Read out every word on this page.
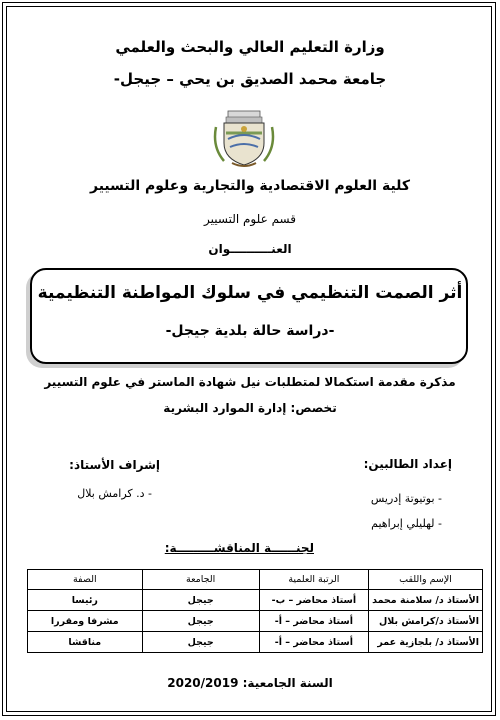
وزارة التعليم العالي والبحث والعلمي
جامعة محمد الصديق بن يحي – جيجل-
كلية العلوم الاقتصادية والتجارية وعلوم التسيير
قسم علوم التسيير
العنــــــــــوان
أثر الصمت التنظيمي في سلوك المواطنة التنظيمية
-دراسة حالة بلدية جيجل-
مذكرة مقدمة استكمالا لمتطلبات نيل شهادة الماستر في علوم التسيير
تخصص: إدارة الموارد البشرية
إعداد الطالبين:
- بوتيوتة إدريس
- لهليلي إبراهيم
إشراف الأستاذ:
- د. كرامش بلال
لجنــــــة المناقشـــــــــة:
الإسم واللقب	الرتبة العلمية	الجامعة	الصفة
الأستاذ د/ سلامنة محمد	أستاذ محاضر – ب-	جيجل	رئيسا
الأستاذ د/كرامش بلال	أستاذ محاضر – أ-	جيجل	مشرفا ومقررا
الأستاذ د/ بلجازية عمر	أستاذ محاضر – أ-	جيجل	مناقشا
السنة الجامعية: 2020/2019
